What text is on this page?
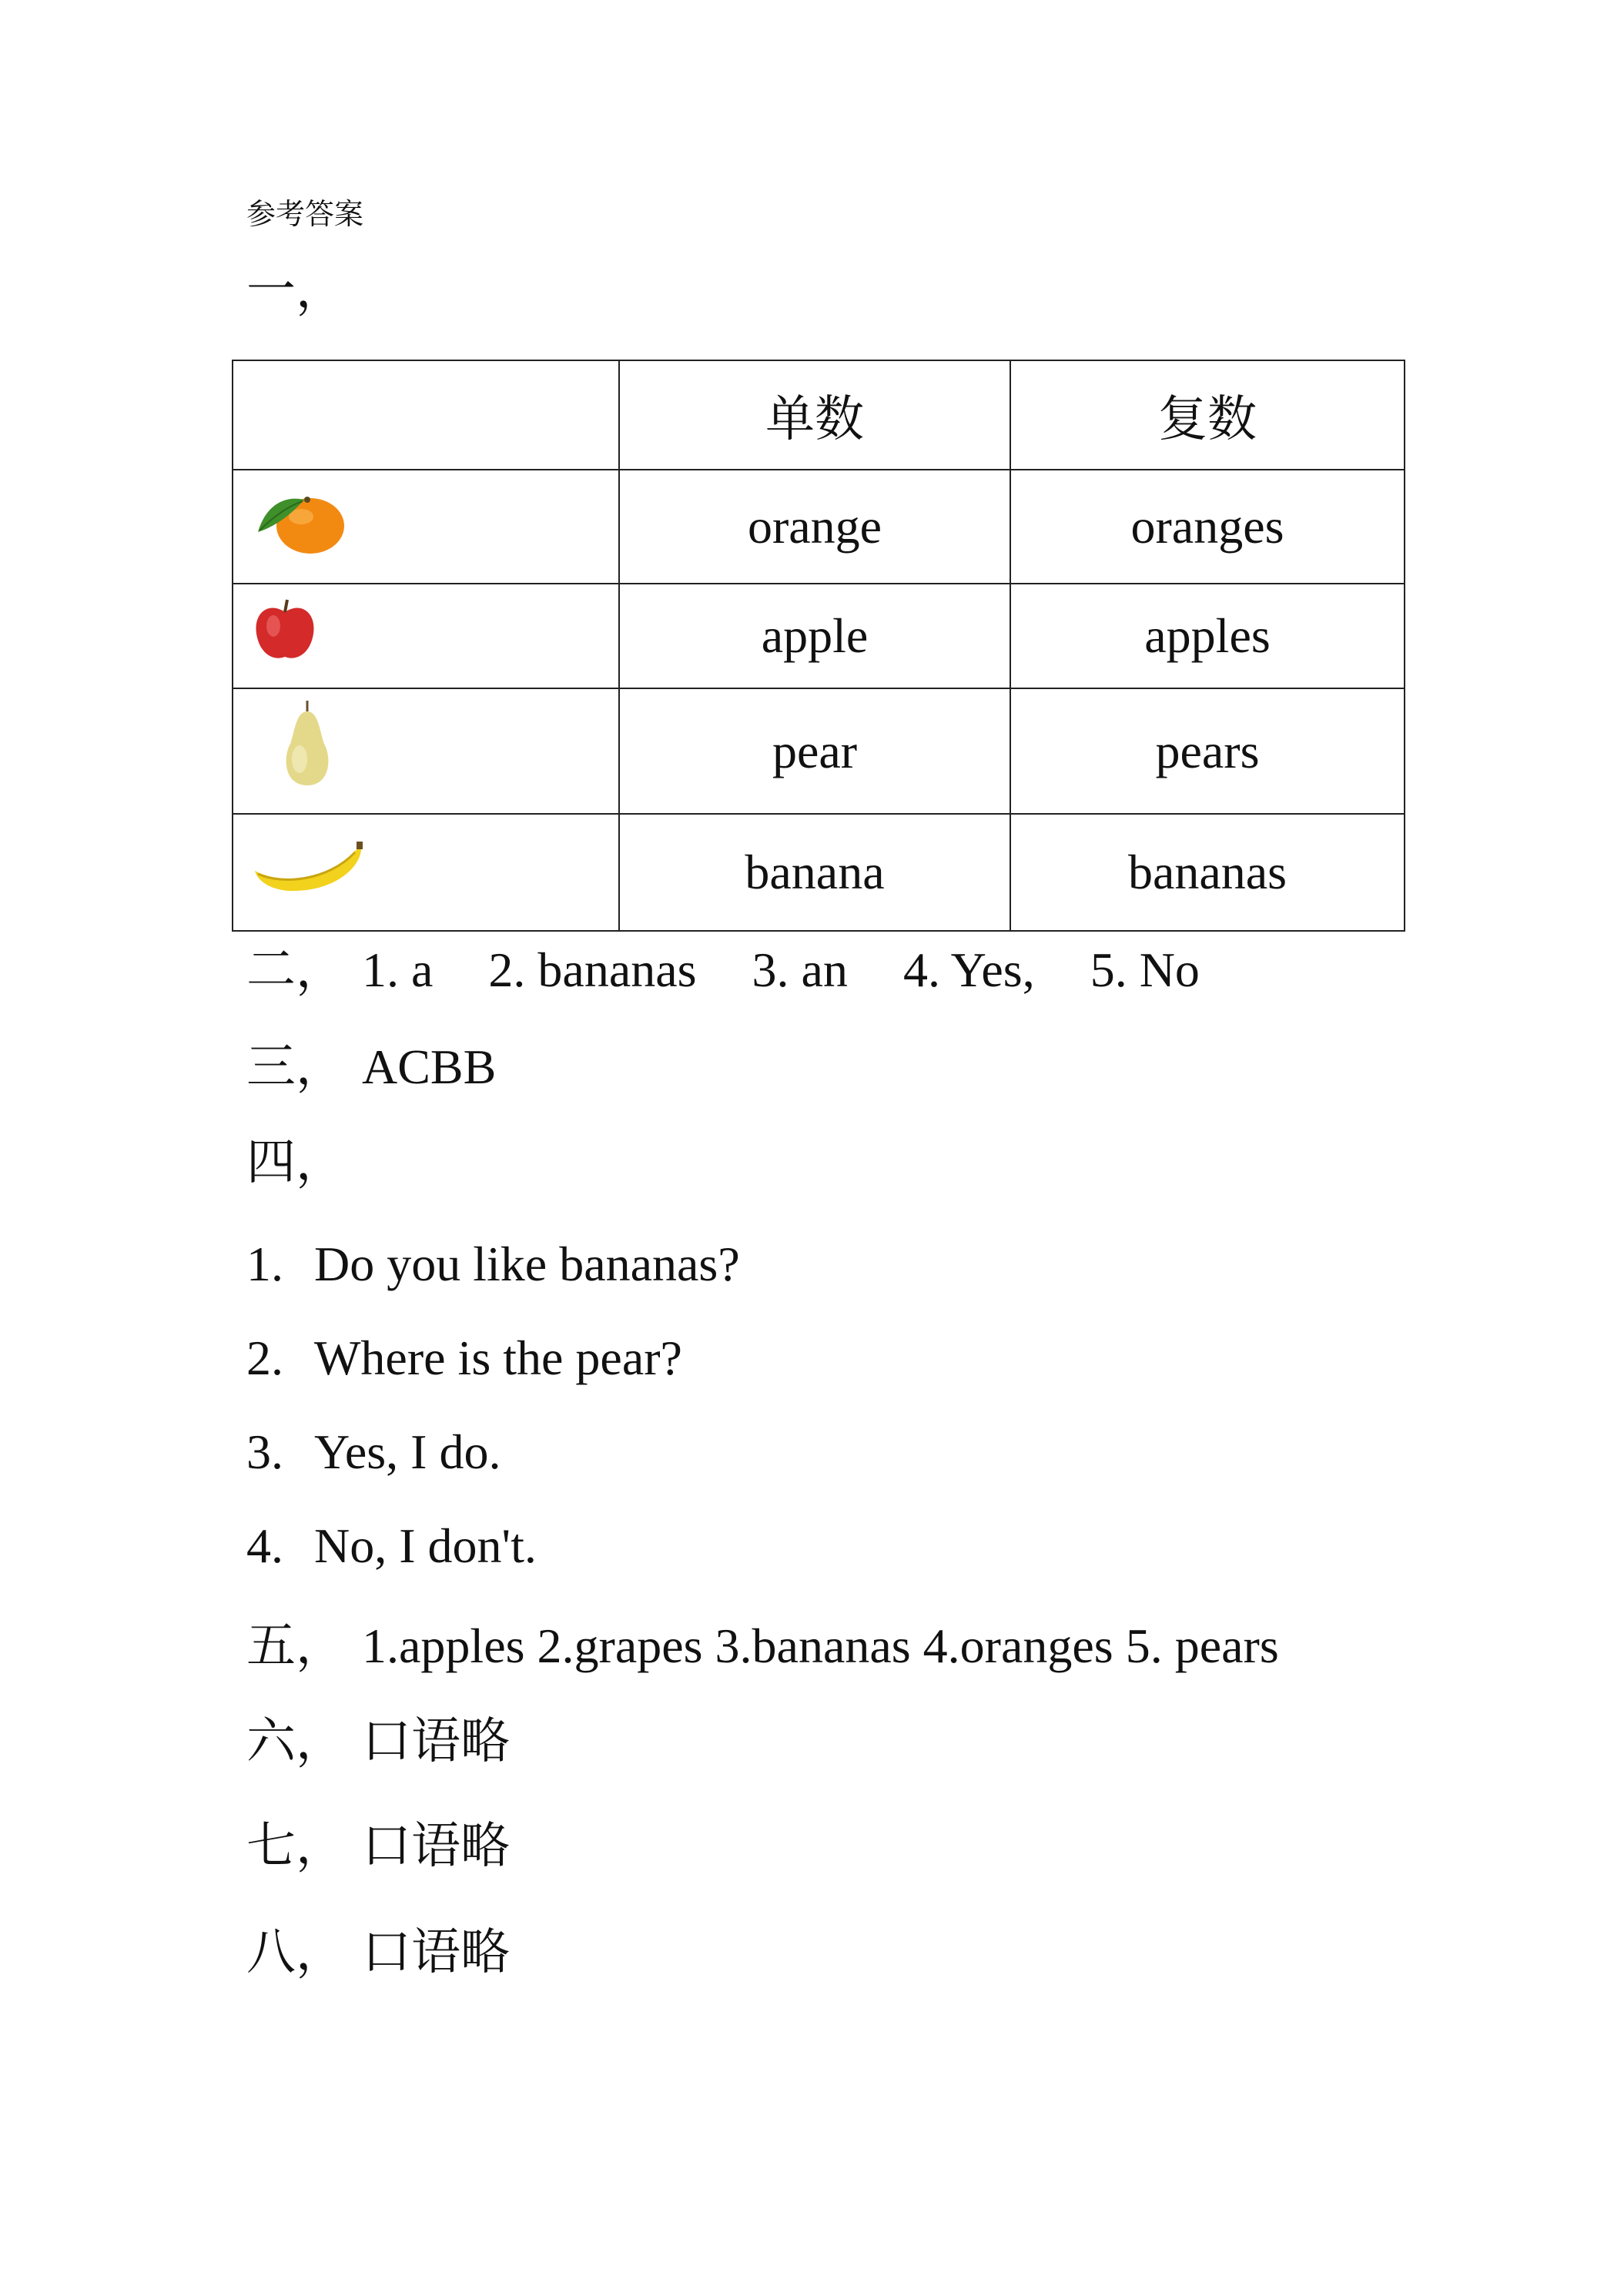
参考答案
一，
	单数	复数
	orange	oranges
	apple	apples
	pear	pears
	banana	bananas
二， 1. a 2. bananas 3. an 4. Yes, 5. No
三， ACBB
四，
1. Do you like bananas?
2. Where is the pear?
3. Yes, I do.
4. No, I don't.
五， 1.apples 2.grapes 3.bananas 4.oranges 5. pears
六， 口语略
七， 口语略
八， 口语略
